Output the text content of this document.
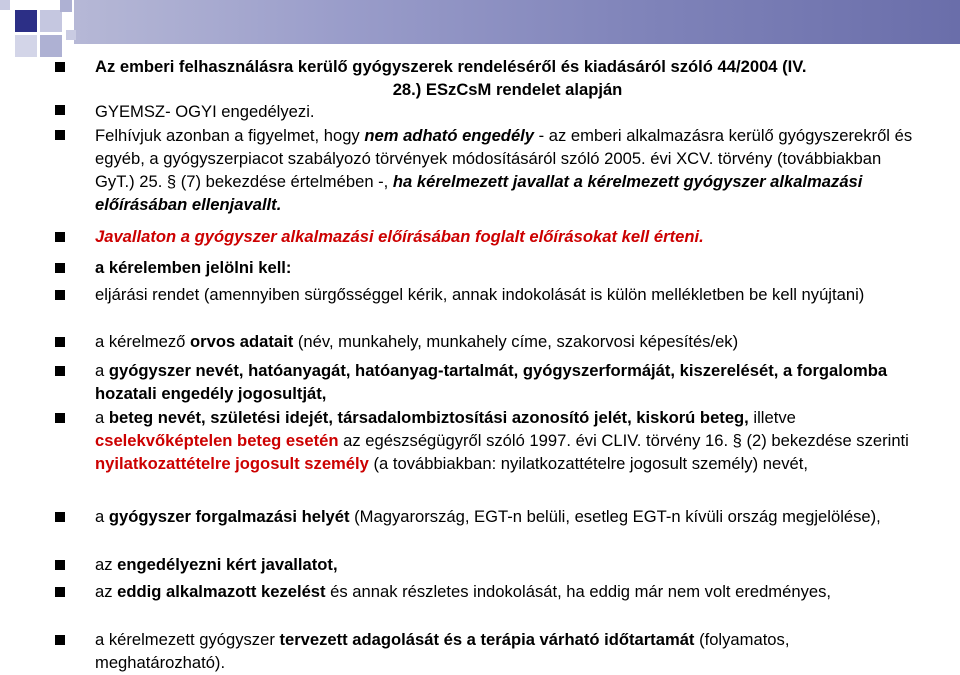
Az emberi felhasználásra kerülő gyógyszerek rendeléséről és kiadásáról szóló 44/2004 (IV.
28.) ESzCsM rendelet alapján
GYEMSZ- OGYI engedélyezi.
Felhívjuk azonban a figyelmet, hogy nem adható engedély - az emberi alkalmazásra kerülő gyógyszerekről és egyéb, a gyógyszerpiacot szabályozó törvények módosításáról szóló 2005. évi XCV. törvény (továbbiakban GyT.) 25. § (7) bekezdése értelmében -, ha kérelmezett javallat a kérelmezett gyógyszer alkalmazási előírásában ellenjavallt.
Javallaton a gyógyszer alkalmazási előírásában foglalt előírásokat kell érteni.
a kérelemben jelölni kell:
eljárási rendet (amennyiben sürgősséggel kérik, annak indokolását is külön mellékletben be kell nyújtani)
a kérelmező orvos adatait (név, munkahely, munkahely címe, szakorvosi képesítés/ek)
a gyógyszer nevét, hatóanyagát, hatóanyag-tartalmát, gyógyszerformáját, kiszerelését, a forgalomba hozatali engedély jogosultját,
a beteg nevét, születési idejét, társadalombiztosítási azonosító jelét, kiskorú beteg, illetve cselekvőképtelen beteg esetén az egészségügyről szóló 1997. évi CLIV. törvény 16. § (2) bekezdése szerinti nyilatkozattételre jogosult személy (a továbbiakban: nyilatkozattételre jogosult személy) nevét,
a gyógyszer forgalmazási helyét (Magyarország, EGT-n belüli, esetleg EGT-n kívüli ország megjelölése),
az engedélyezni kért javallatot,
az eddig alkalmazott kezelést és annak részletes indokolását, ha eddig már nem volt eredményes,
a kérelmezett gyógyszer tervezett adagolását és a terápia várható időtartamát (folyamatos, meghatározható).
